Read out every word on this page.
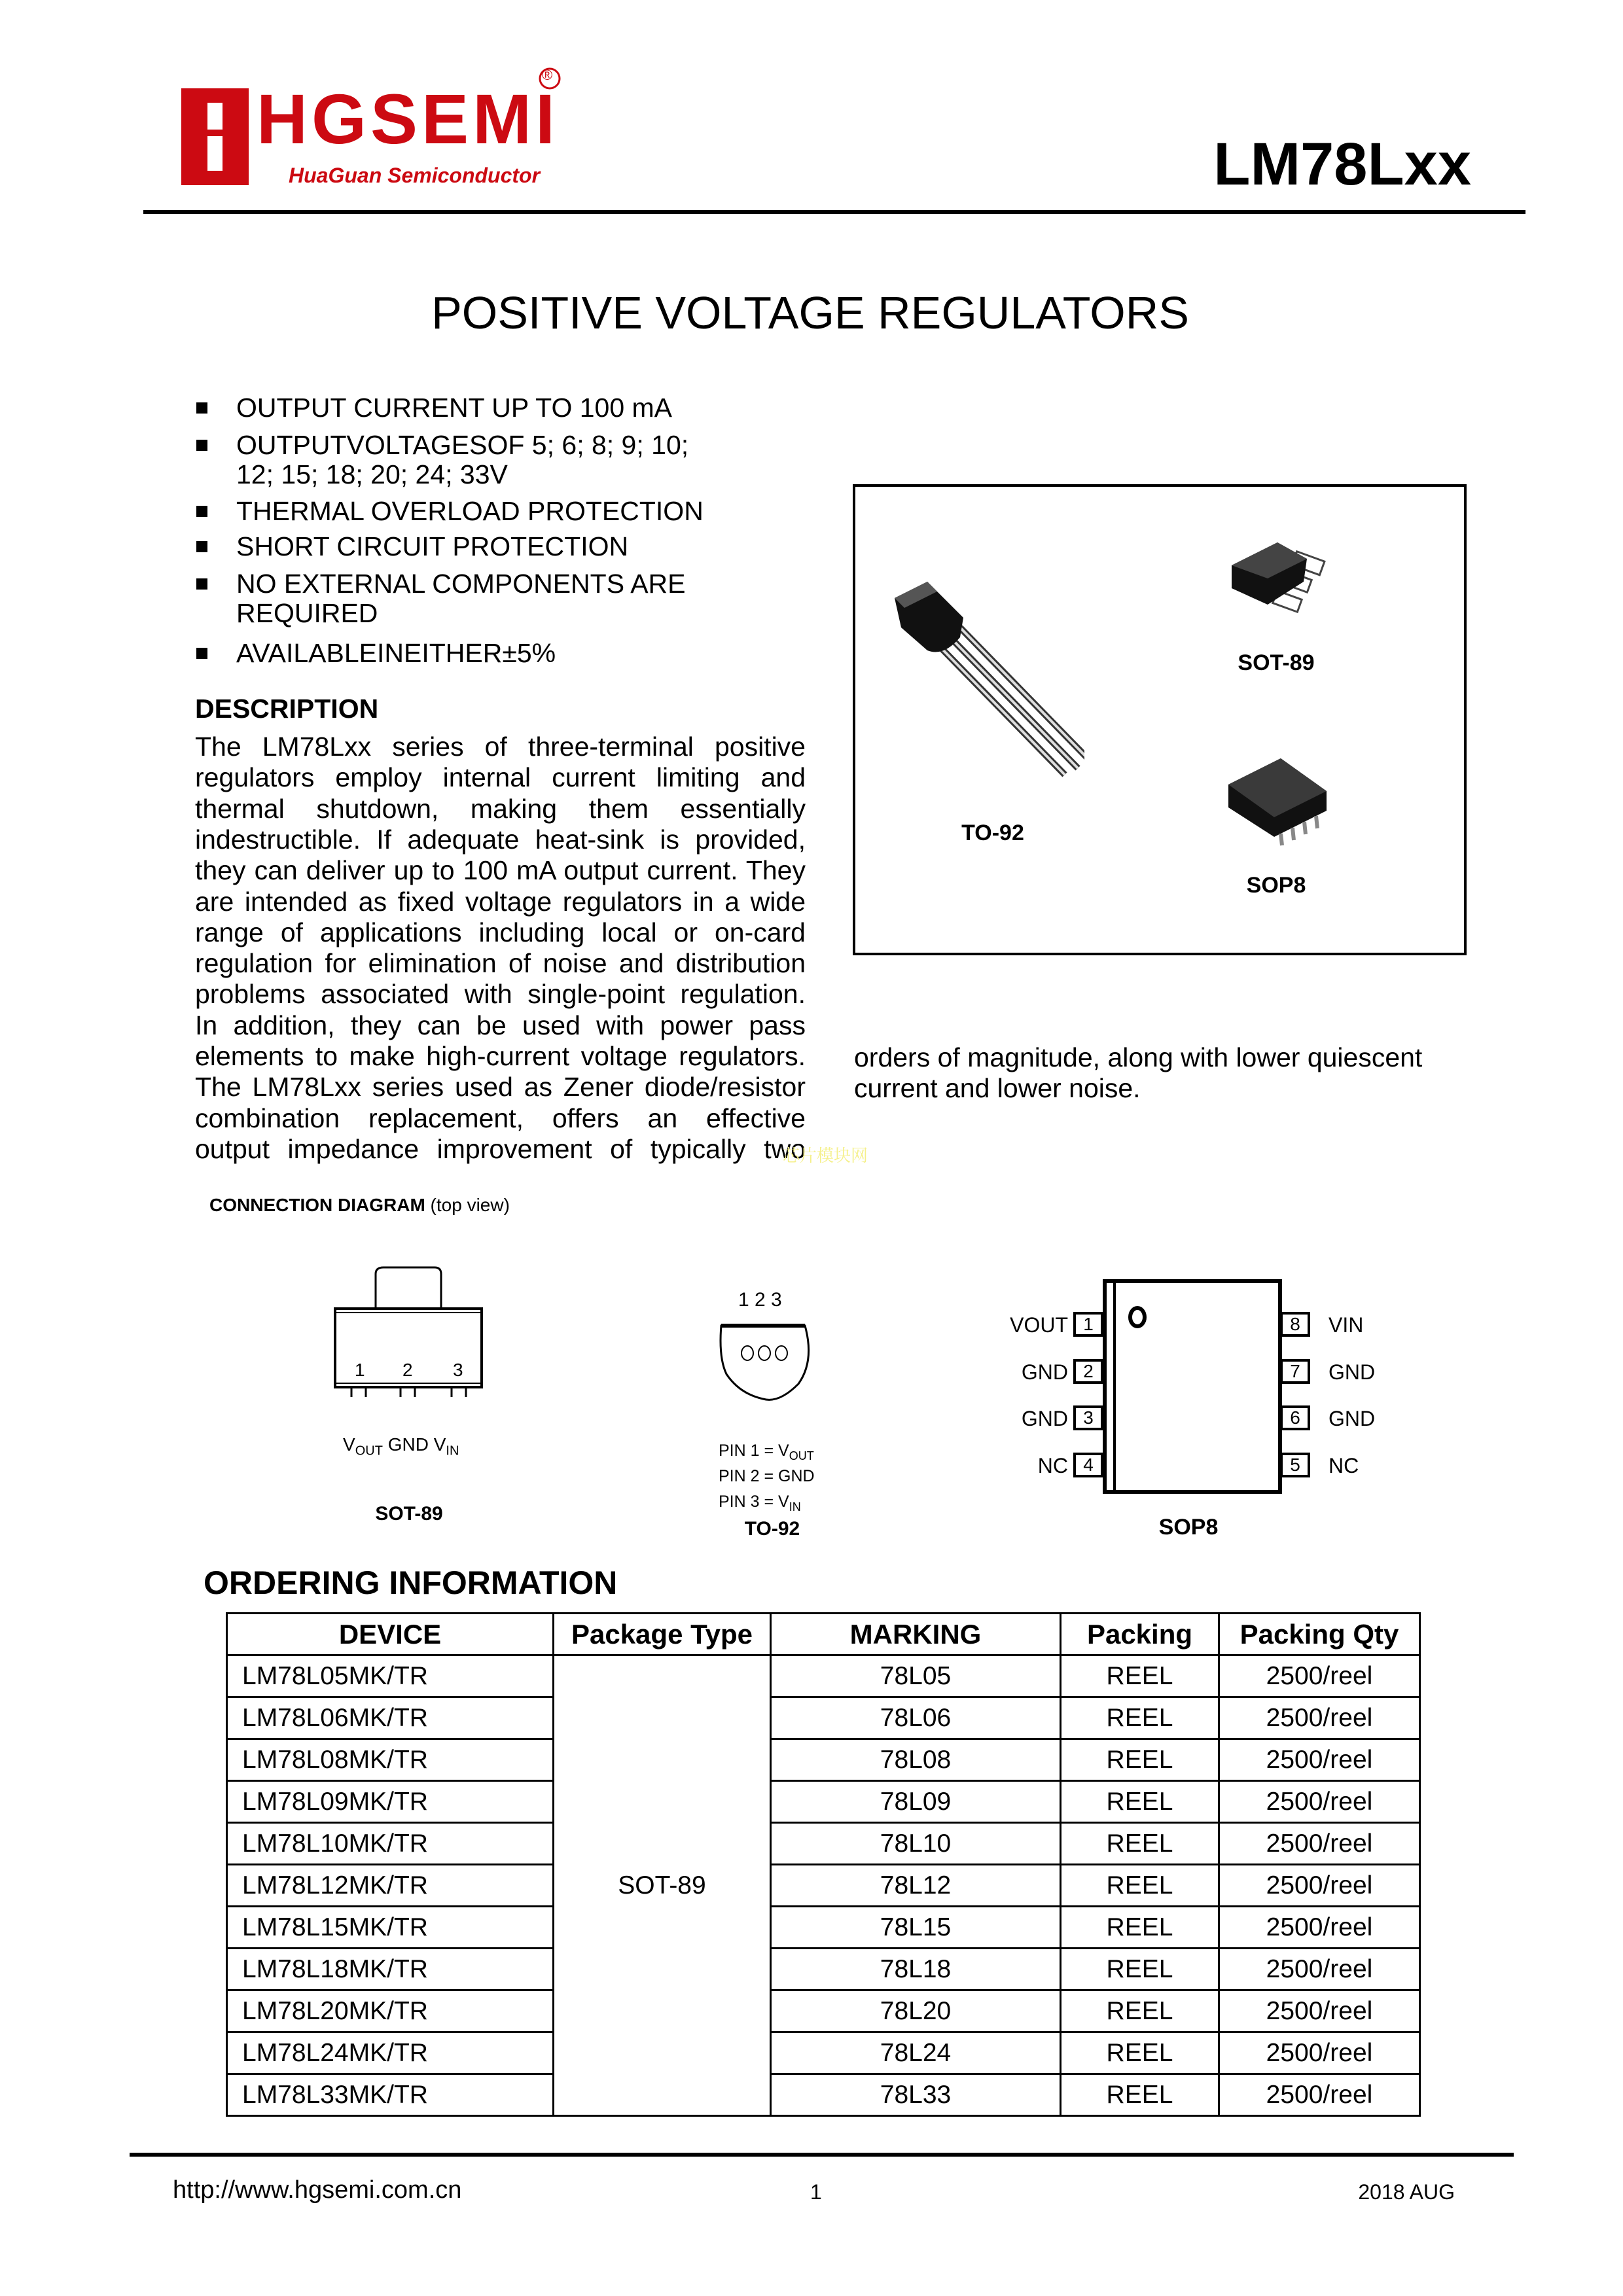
HGSEMI
®
HuaGuan Semiconductor	LM78Lxx
POSITIVE VOLTAGE REGULATORS
OUTPUT CURRENT UP TO 100 mA
OUTPUTVOLTAGESOF 5; 6; 8; 9; 10;
12; 15; 18; 20; 24; 33V
THERMAL OVERLOAD PROTECTION
SHORT CIRCUIT PROTECTION
NO EXTERNAL COMPONENTS ARE
REQUIRED
AVAILABLEINEITHER±5%
DESCRIPTION
The LM78Lxx series of three-terminal positive
regulators employ internal current limiting and
thermal shutdown, making them essentially
indestructible. If adequate heat-sink is provided,
they can deliver up to 100 mA output current. They
are intended as fixed voltage regulators in a wide
range of applications including local or on-card
regulation for elimination of noise and distribution
problems associated with single-point regulation.
In addition, they can be used with power pass
elements to make high-current voltage regulators.
The LM78Lxx series used as Zener diode/resistor
combination replacement, offers an effective
output impedance improvement of typically two
TO-92
SOT-89
SOP8
orders of magnitude, along with lower quiescent
current and lower noise.
芯片模块网
CONNECTION DIAGRAM (top view)
1 2 3
$V_{OUT}$ GND $V_{IN}$
SOT-89
1 2 3
PIN $1 = V_{OUT}$
PIN 2 = GND
PIN $3 = V_{IN}$
TO-92
1
VOUT
2
GND
3
GND
4
NC
8	VIN
7	GND
6	GND
5	NC
SOP8
ORDERING INFORMATION
DEVICE	Package Type	MARKING	Packing	Packing Qty
LM78L05MK/TR	SOT-89	78L05	REEL	2500/reel
LM78L06MK/TR		78L06	REEL	2500/reel
LM78L08MK/TR		78L08	REEL	2500/reel
LM78L09MK/TR		78L09	REEL	2500/reel
LM78L10MK/TR		78L10	REEL	2500/reel
LM78L12MK/TR		78L12	REEL	2500/reel
LM78L15MK/TR		78L15	REEL	2500/reel
LM78L18MK/TR		78L18	REEL	2500/reel
LM78L20MK/TR		78L20	REEL	2500/reel
LM78L24MK/TR		78L24	REEL	2500/reel
LM78L33MK/TR		78L33	REEL	2500/reel
http://www.hgsemi.com.cn	1	2018 AUG
